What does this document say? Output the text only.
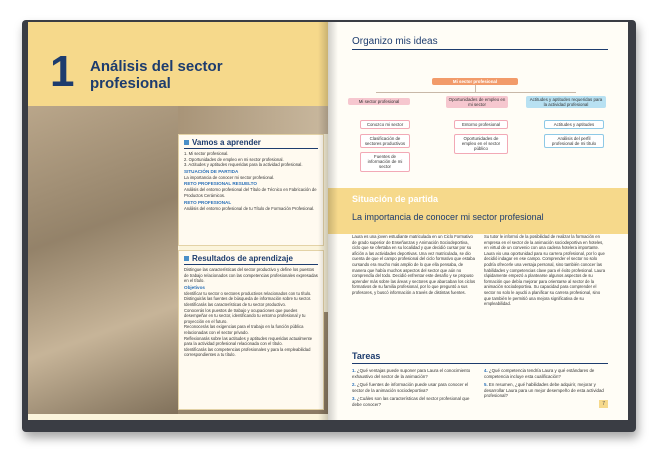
1 Análisis del sector profesional
Vamos a aprender
1. Mi sector profesional.
2. Oportunidades de empleo en mi sector profesional.
3. Actitudes y aptitudes requeridas para la actividad profesional.
SITUACIÓN DE PARTIDA
La importancia de conocer mi sector profesional.
RETO PROFESIONAL RESUELTO
Análisis del entorno profesional del Título de Técnico en Fabricación de Productos Cerámicos.
RETO PROFESIONAL
Análisis del entorno profesional de tu Título de Formación Profesional.
Resultados de aprendizaje
Distingue las características del sector productivo y define los puestos de trabajo relacionados con las competencias profesionales expresadas en el título.
Objetivos
Identificar tu sector o sectores productivos relacionados con tu título.
Distinguirás las fuentes de búsqueda de información sobre tu sector.
Identificarás las características de tu sector productivo.
Conocerás los puestos de trabajo y ocupaciones que puedes desempeñar en tu sector, identificando tu entorno profesional y tu proyección en el futuro.
Reconocerás las exigencias para el trabajo en la función pública relacionadas con el sector privado.
Reflexionarás sobre las actitudes y aptitudes requeridas actualmente para la actividad profesional relacionada con el título.
Identificarás las competencias profesionales y para la empleabilidad correspondientes a tu título.
Organizo mis ideas
Mi sector profesional
Mi sector profesional	Oportunidades de empleo en mi sector
Actitudes y aptitudes requeridas para la actividad profesional
Conozco mi sector
Clasificación de sectores productivos
Fuentes de información de mi sector
Entorno profesional
Oportunidades de empleo en el sector público
Actitudes y aptitudes
Análisis del perfil profesional de mi título
Situación de partida
La importancia de conocer mi sector profesional
Laura es una joven estudiante matriculada en un Ciclo Formativo de grado superior de Enseñanzas y Animación Sociodeportiva, ciclo que se ofertaba en su localidad y que decidió cursar por su afición a las actividades deportivas. Una vez matriculada, se dio cuenta de que el campo profesional del ciclo formativo que estaba cursando era mucho más amplio de lo que ella pensaba, de manera que había muchos aspectos del sector que aún no comprendía del todo. Decidió enfrentar este desafío y se propuso aprender más sobre las áreas y sectores que abarcaban los ciclos formativos de su familia profesional, por lo que preguntó a sus profesores, y buscó información a través de distintas fuentes.
Su tutor le informó de la posibilidad de realizar la formación en empresa en el sector de la animación sociodeportiva en hoteles, en virtud de un convenio con una cadena hotelera importante. Laura vio una oportunidad para su carrera profesional, por lo que decidió indagar en ese campo. Comprender el sector no solo podría ofrecerle una ventaja personal, sino también conocer las habilidades y competencias clave para el éxito profesional. Laura rápidamente empezó a plantearse algunos aspectos de su formación que debía mejorar para orientarse al sector de la animación sociodeportiva. Su capacidad para comprender el sector no solo le ayudó a planificar su carrera profesional, sino que también le permitió una mejora significativa de su empleabilidad.
Tareas
1. ¿Qué ventajas puede suponer para Laura el conocimiento exhaustivo del sector de la animación?
2. ¿Qué fuentes de información puede usar para conocer el sector de la animación sociodeportiva?
3. ¿Cuáles son las características del sector profesional que debe conocer?
4. ¿Qué competencia tendría Laura y qué estándares de competencia incluye esta cualificación?
5. En resumen, ¿qué habilidades debe adquirir, mejorar y desarrollar Laura para un mejor desempeño de esta actividad profesional?
7
